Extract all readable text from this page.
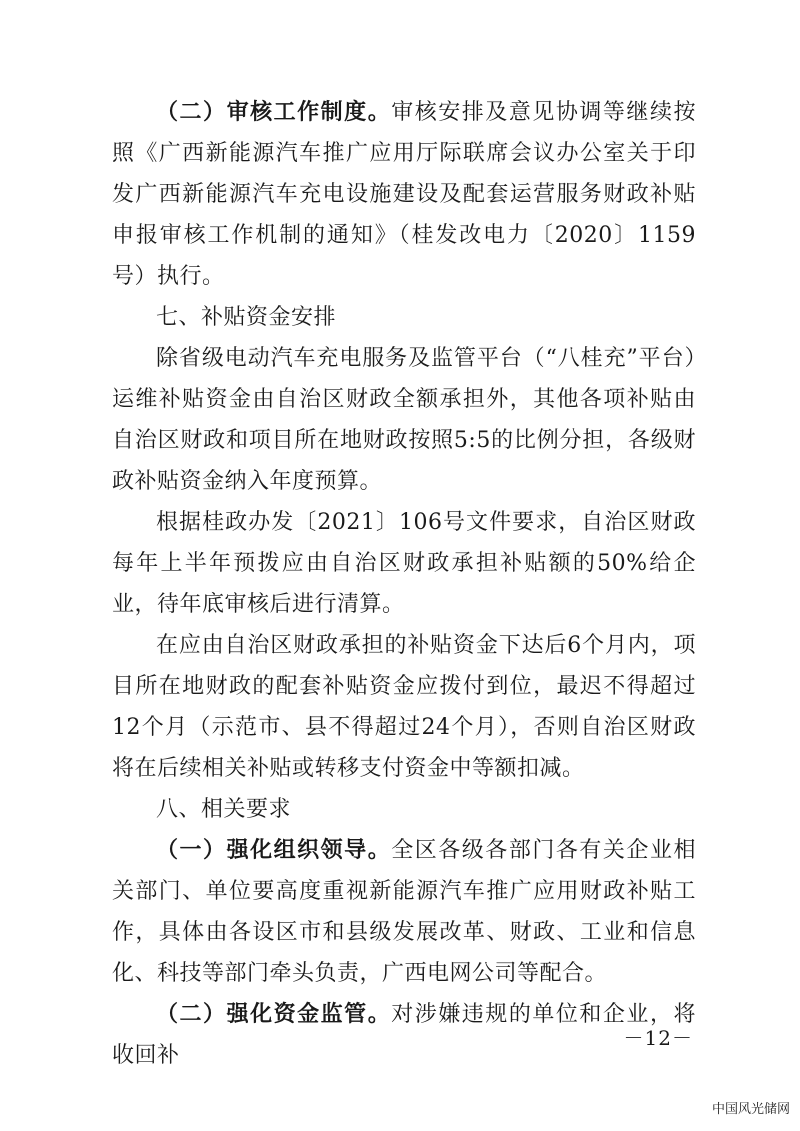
（二）审核工作制度。审核安排及意见协调等继续按照《广西新能源汽车推广应用厅际联席会议办公室关于印发广西新能源汽车充电设施建设及配套运营服务财政补贴申报审核工作机制的通知》（桂发改电力〔2020〕1159号）执行。

七、补贴资金安排

除省级电动汽车充电服务及监管平台（“八桂充”平台）运维补贴资金由自治区财政全额承担外，其他各项补贴由自治区财政和项目所在地财政按照5:5的比例分担，各级财政补贴资金纳入年度预算。

根据桂政办发〔2021〕106号文件要求，自治区财政每年上半年预拨应由自治区财政承担补贴额的50%给企业，待年底审核后进行清算。

在应由自治区财政承担的补贴资金下达后6个月内，项目所在地财政的配套补贴资金应拨付到位，最迟不得超过12个月（示范市、县不得超过24个月），否则自治区财政将在后续相关补贴或转移支付资金中等额扣减。

八、相关要求

（一）强化组织领导。全区各级各部门各有关企业相关部门、单位要高度重视新能源汽车推广应用财政补贴工作，具体由各设区市和县级发展改革、财政、工业和信息化、科技等部门牵头负责，广西电网公司等配合。

（二）强化资金监管。对涉嫌违规的单位和企业，将收回补

－12－
中国风光储网
